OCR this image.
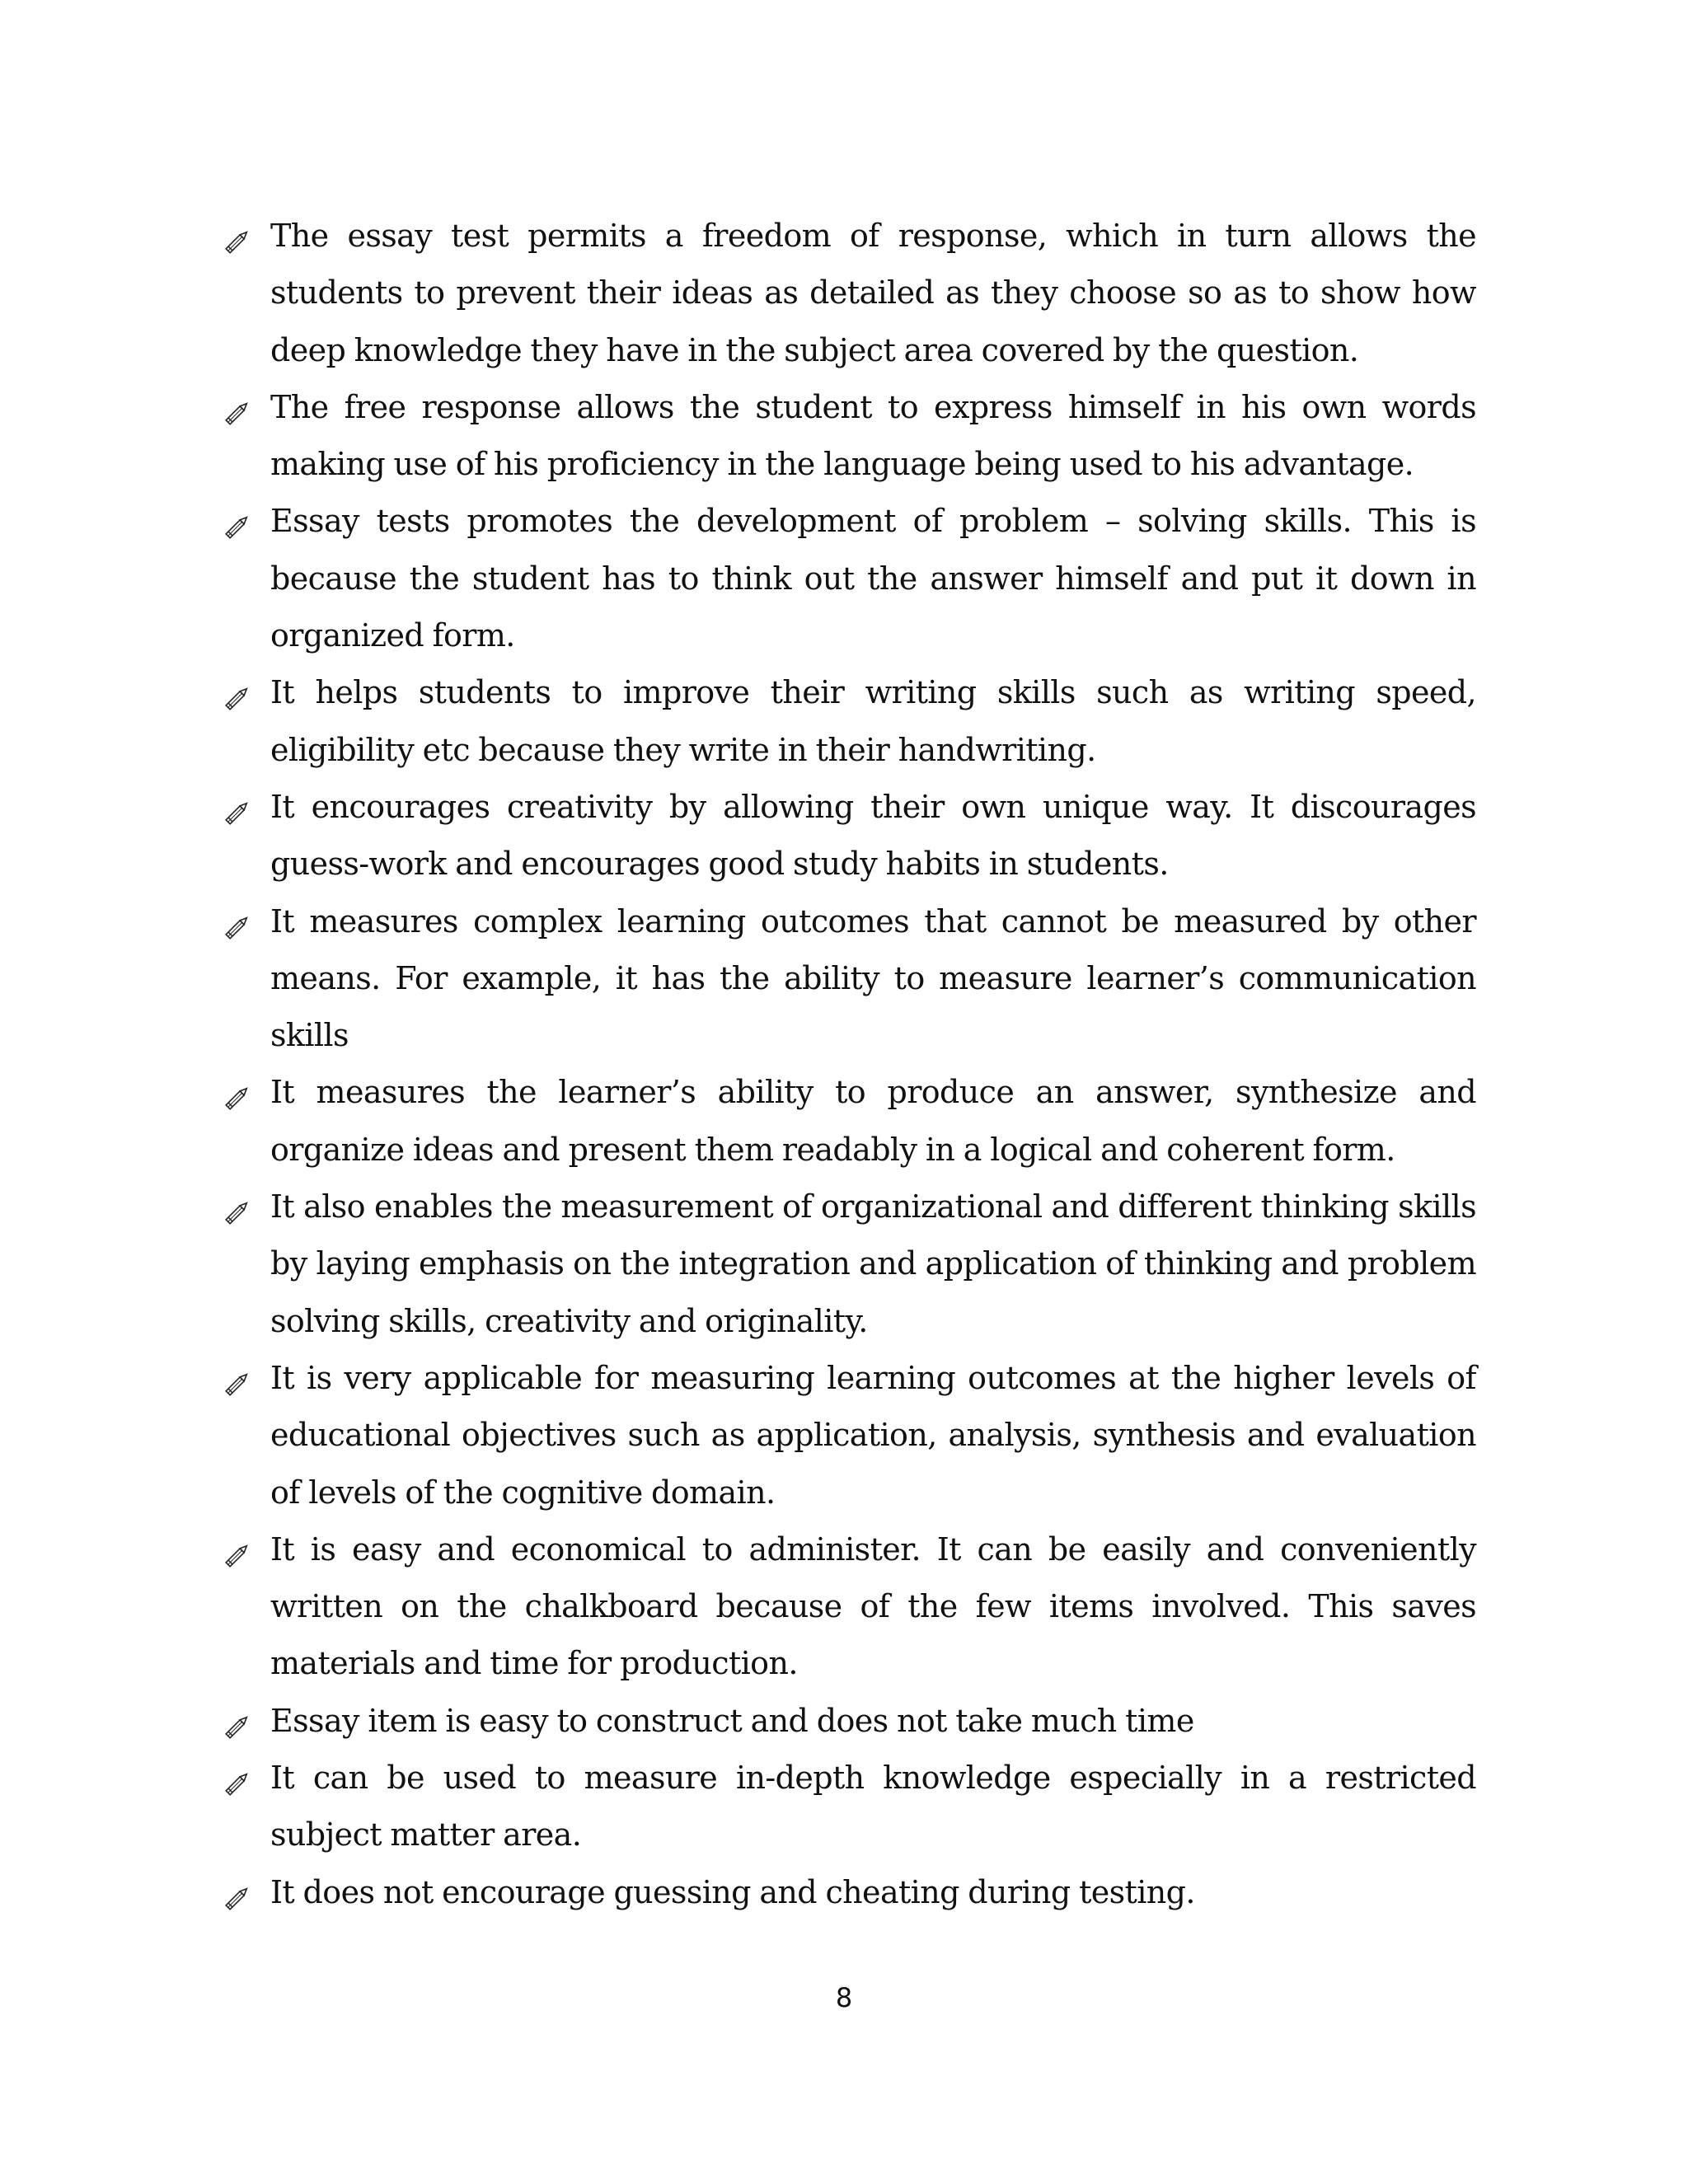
The essay test permits a freedom of response, which in turn allows the students to prevent their ideas as detailed as they choose so as to show how deep knowledge they have in the subject area covered by the question.
The free response allows the student to express himself in his own words making use of his proficiency in the language being used to his advantage.
Essay tests promotes the development of problem – solving skills. This is because the student has to think out the answer himself and put it down in organized form.
It helps students to improve their writing skills such as writing speed, eligibility etc because they write in their handwriting.
It encourages creativity by allowing their own unique way. It discourages guess-work and encourages good study habits in students.
It measures complex learning outcomes that cannot be measured by other means. For example, it has the ability to measure learner’s communication skills
It measures the learner’s ability to produce an answer, synthesize and organize ideas and present them readably in a logical and coherent form.
It also enables the measurement of organizational and different thinking skills by laying emphasis on the integration and application of thinking and problem solving skills, creativity and originality.
It is very applicable for measuring learning outcomes at the higher levels of educational objectives such as application, analysis, synthesis and evaluation of levels of the cognitive domain.
It is easy and economical to administer. It can be easily and conveniently written on the chalkboard because of the few items involved. This saves materials and time for production.
Essay item is easy to construct and does not take much time
It can be used to measure in-depth knowledge especially in a restricted subject matter area.
It does not encourage guessing and cheating during testing.
8
